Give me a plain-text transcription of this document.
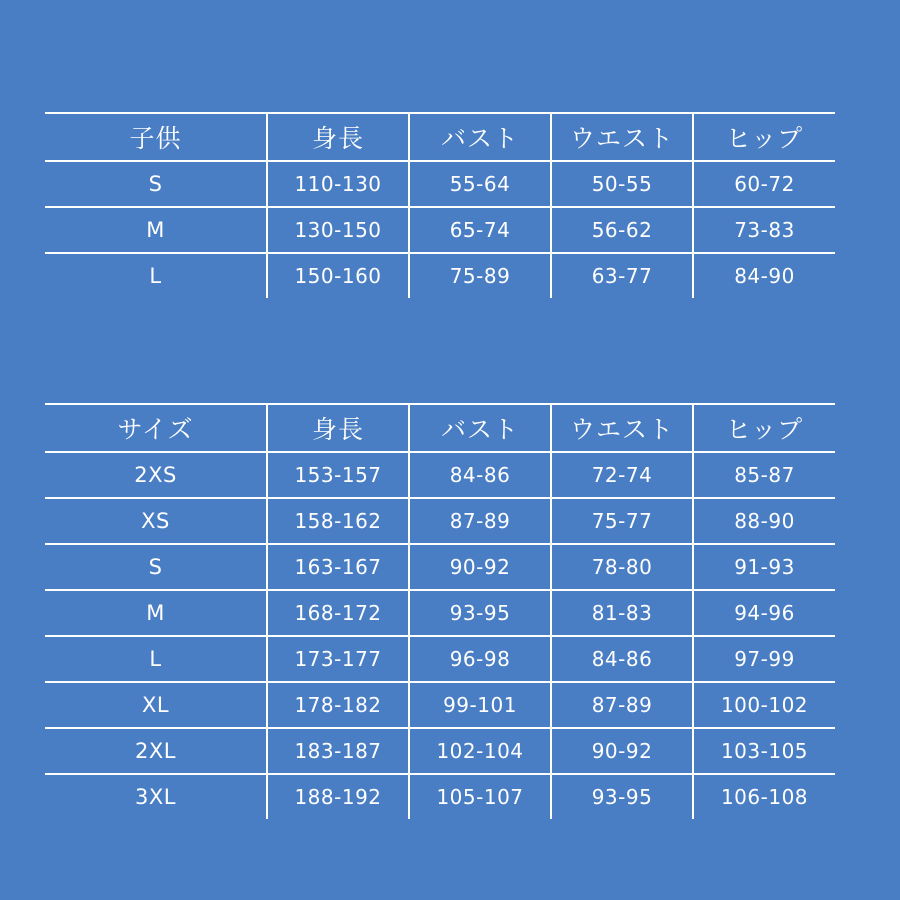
子供	身長	バスト	ウエスト	ヒップ
S	110-130	55-64	50-55	60-72
M	130-150	65-74	56-62	73-83
L	150-160	75-89	63-77	84-90
サイズ	身長	バスト	ウエスト	ヒップ
2XS	153-157	84-86	72-74	85-87
XS	158-162	87-89	75-77	88-90
S	163-167	90-92	78-80	91-93
M	168-172	93-95	81-83	94-96
L	173-177	96-98	84-86	97-99
XL	178-182	99-101	87-89	100-102
2XL	183-187	102-104	90-92	103-105
3XL	188-192	105-107	93-95	106-108
